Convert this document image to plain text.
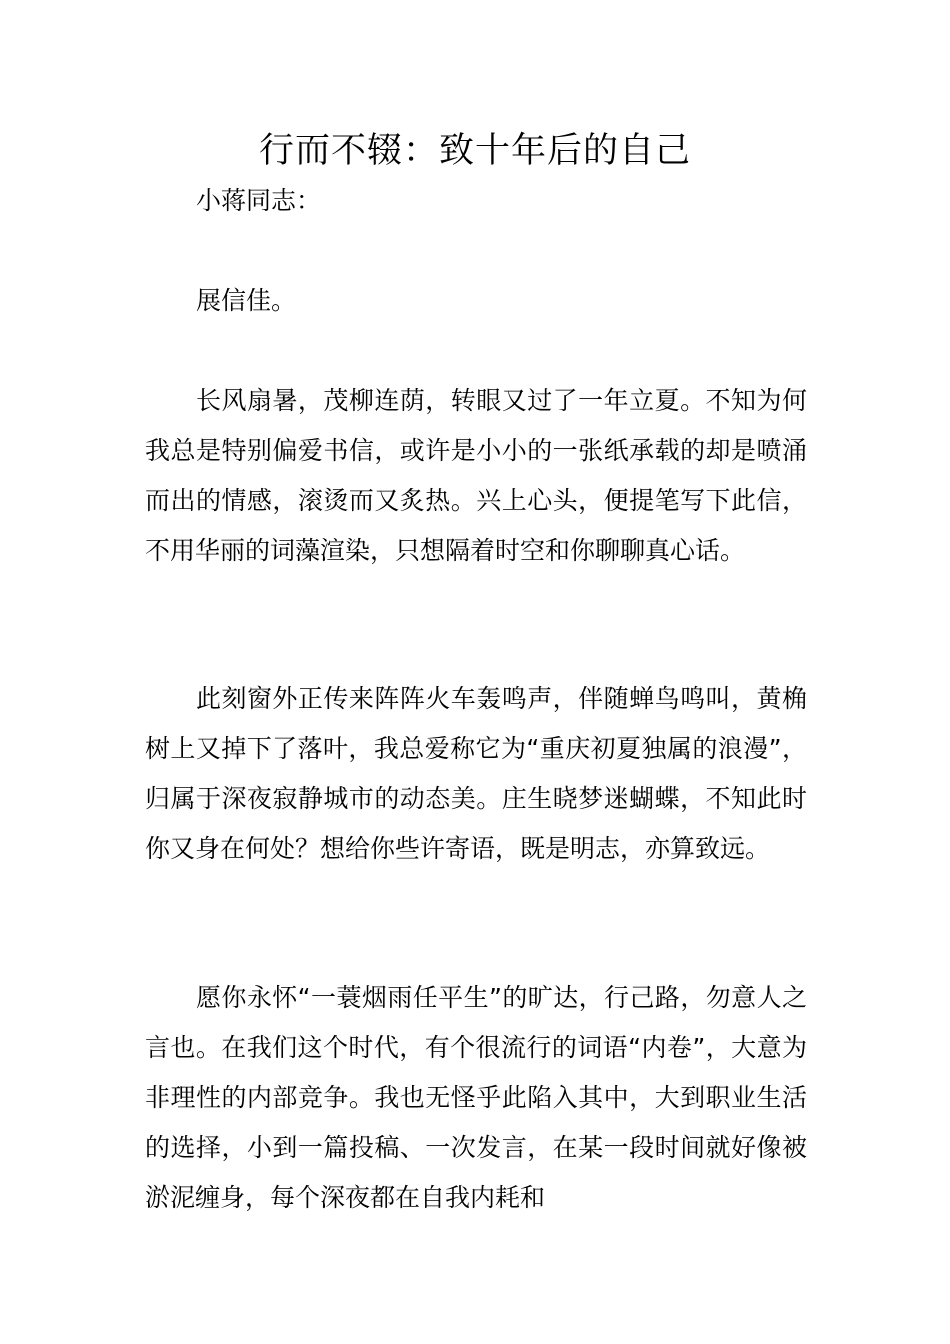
行而不辍：致十年后的自己

小蒋同志：

展信佳。

长风扇暑，茂柳连荫，转眼又过了一年立夏。不知为何我总是特别偏爱书信，或许是小小的一张纸承载的却是喷涌而出的情感，滚烫而又炙热。兴上心头，便提笔写下此信，不用华丽的词藻渲染，只想隔着时空和你聊聊真心话。

此刻窗外正传来阵阵火车轰鸣声，伴随蝉鸟鸣叫，黄桷树上又掉下了落叶，我总爱称它为“重庆初夏独属的浪漫”，归属于深夜寂静城市的动态美。庄生晓梦迷蝴蝶，不知此时你又身在何处？想给你些许寄语，既是明志，亦算致远。

愿你永怀“一蓑烟雨任平生”的旷达，行己路，勿意人之言也。在我们这个时代，有个很流行的词语“内卷”，大意为非理性的内部竞争。我也无怪乎此陷入其中，大到职业生活的选择，小到一篇投稿、一次发言，在某一段时间就好像被淤泥缠身，每个深夜都在自我内耗和
